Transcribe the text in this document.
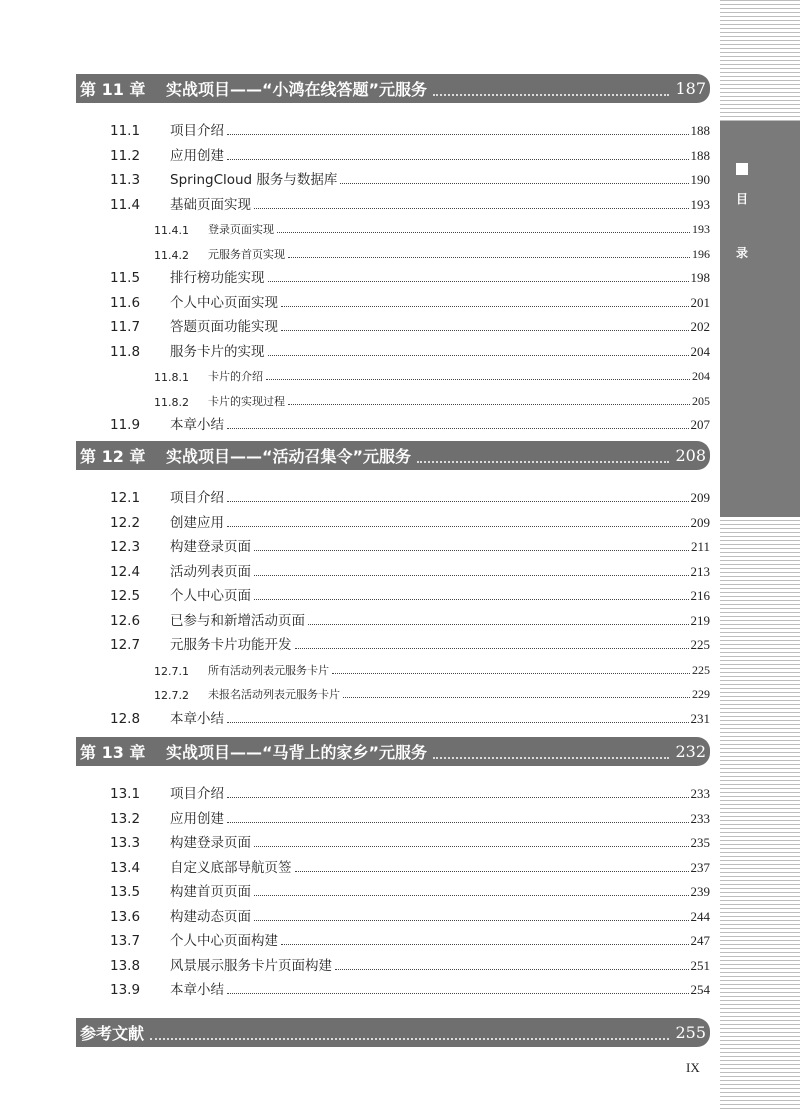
目
录
第 11 章	实战项目——“小鸿在线答题”元服务	187
11.1	项目介绍	188
11.2	应用创建	188
11.3	SpringCloud 服务与数据库	190
11.4	基础页面实现	193
11.4.1	登录页面实现	193
11.4.2	元服务首页实现	196
11.5	排行榜功能实现	198
11.6	个人中心页面实现	201
11.7	答题页面功能实现	202
11.8	服务卡片的实现	204
11.8.1	卡片的介绍	204
11.8.2	卡片的实现过程	205
11.9	本章小结	207
第 12 章	实战项目——“活动召集令”元服务	208
12.1	项目介绍	209
12.2	创建应用	209
12.3	构建登录页面	211
12.4	活动列表页面	213
12.5	个人中心页面	216
12.6	已参与和新增活动页面	219
12.7	元服务卡片功能开发	225
12.7.1	所有活动列表元服务卡片	225
12.7.2	未报名活动列表元服务卡片	229
12.8	本章小结	231
第 13 章	实战项目——“马背上的家乡”元服务	232
13.1	项目介绍	233
13.2	应用创建	233
13.3	构建登录页面	235
13.4	自定义底部导航页签	237
13.5	构建首页页面	239
13.6	构建动态页面	244
13.7	个人中心页面构建	247
13.8	风景展示服务卡片页面构建	251
13.9	本章小结	254
参考文献	255
IX
